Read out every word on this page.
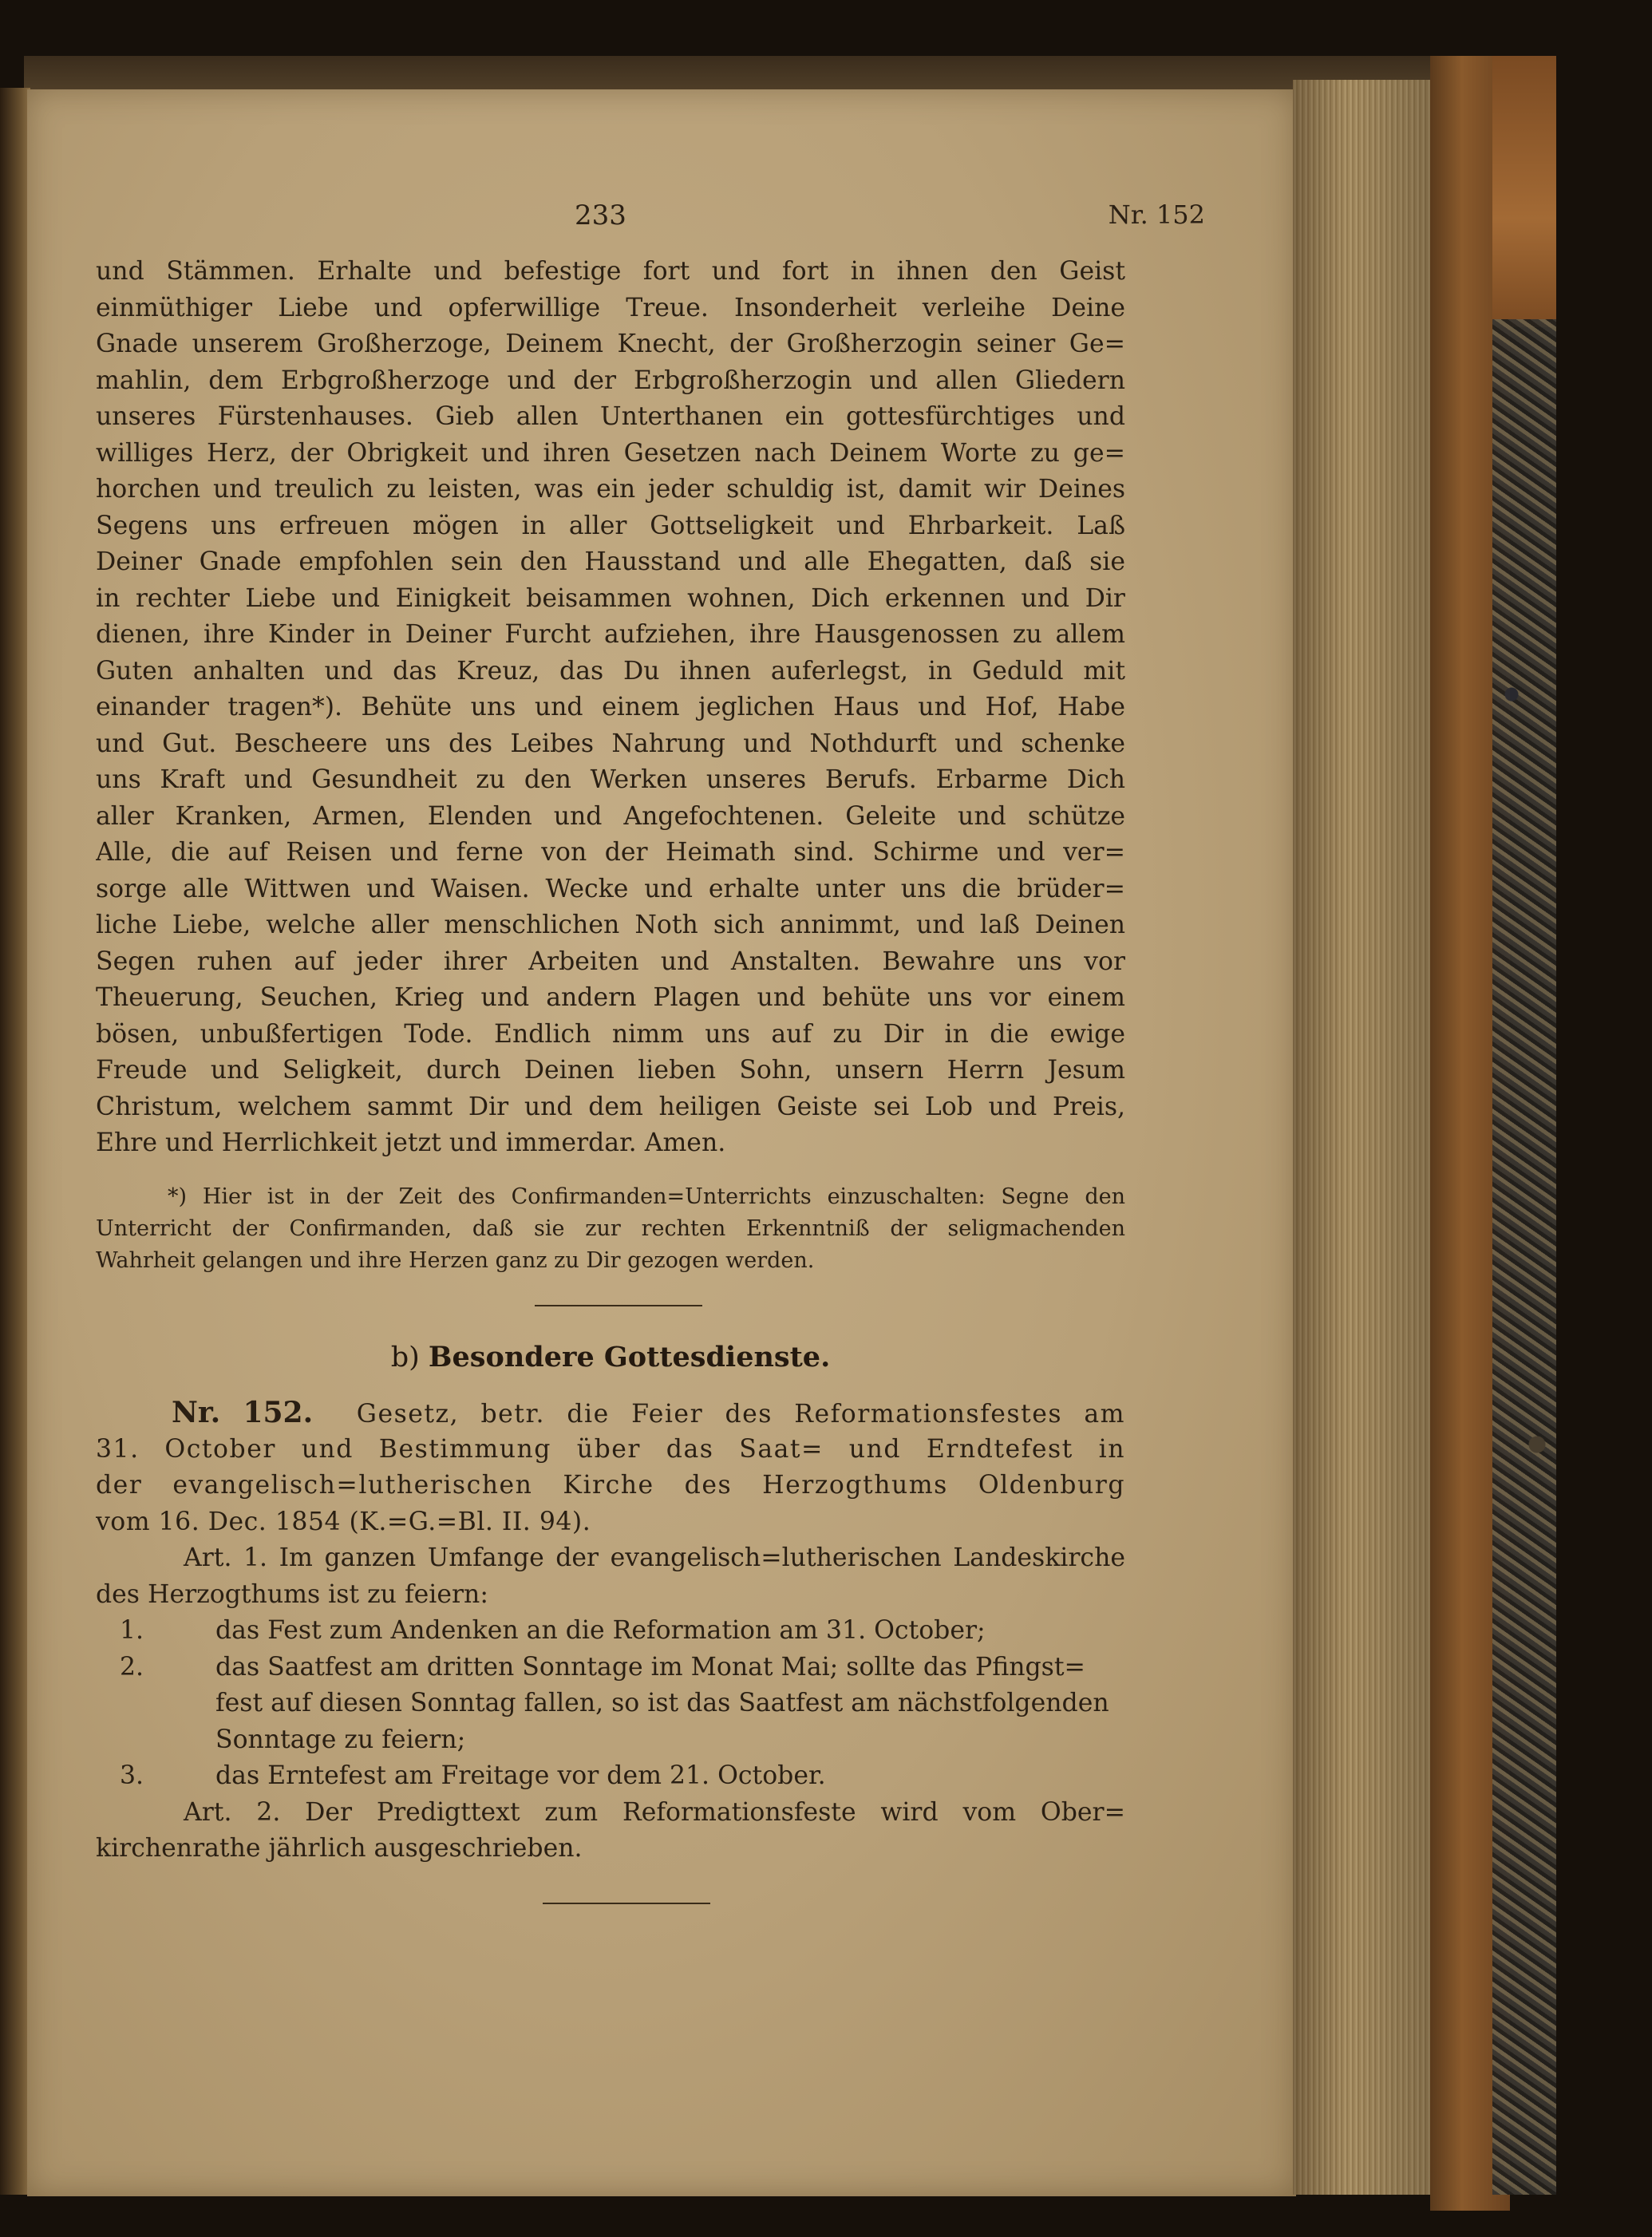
233	Nr. 152
und Stämmen. Erhalte und befestige fort und fort in ihnen den Geist
einmüthiger Liebe und opferwillige Treue. Insonderheit verleihe Deine
Gnade unserem Großherzoge, Deinem Knecht, der Großherzogin seiner Ge=
mahlin, dem Erbgroßherzoge und der Erbgroßherzogin und allen Gliedern
unseres Fürstenhauses. Gieb allen Unterthanen ein gottesfürchtiges und
williges Herz, der Obrigkeit und ihren Gesetzen nach Deinem Worte zu ge=
horchen und treulich zu leisten, was ein jeder schuldig ist, damit wir Deines
Segens uns erfreuen mögen in aller Gottseligkeit und Ehrbarkeit. Laß
Deiner Gnade empfohlen sein den Hausstand und alle Ehegatten, daß sie
in rechter Liebe und Einigkeit beisammen wohnen, Dich erkennen und Dir
dienen, ihre Kinder in Deiner Furcht aufziehen, ihre Hausgenossen zu allem
Guten anhalten und das Kreuz, das Du ihnen auferlegst, in Geduld mit
einander tragen*). Behüte uns und einem jeglichen Haus und Hof, Habe
und Gut. Bescheere uns des Leibes Nahrung und Nothdurft und schenke
uns Kraft und Gesundheit zu den Werken unseres Berufs. Erbarme Dich
aller Kranken, Armen, Elenden und Angefochtenen. Geleite und schütze
Alle, die auf Reisen und ferne von der Heimath sind. Schirme und ver=
sorge alle Wittwen und Waisen. Wecke und erhalte unter uns die brüder=
liche Liebe, welche aller menschlichen Noth sich annimmt, und laß Deinen
Segen ruhen auf jeder ihrer Arbeiten und Anstalten. Bewahre uns vor
Theuerung, Seuchen, Krieg und andern Plagen und behüte uns vor einem
bösen, unbußfertigen Tode. Endlich nimm uns auf zu Dir in die ewige
Freude und Seligkeit, durch Deinen lieben Sohn, unsern Herrn Jesum
Christum, welchem sammt Dir und dem heiligen Geiste sei Lob und Preis,
Ehre und Herrlichkeit jetzt und immerdar. Amen.
*) Hier ist in der Zeit des Confirmanden=Unterrichts einzuschalten: Segne den
Unterricht der Confirmanden, daß sie zur rechten Erkenntniß der seligmachenden
Wahrheit gelangen und ihre Herzen ganz zu Dir gezogen werden.
b) Besondere Gottesdienste.
Nr. 152. Gesetz, betr. die Feier des Reformationsfestes am
31. October und Bestimmung über das Saat= und Erndtefest in
der evangelisch=lutherischen Kirche des Herzogthums Oldenburg
vom 16. Dec. 1854 (K.=G.=Bl. II. 94).
Art. 1. Im ganzen Umfange der evangelisch=lutherischen Landeskirche
des Herzogthums ist zu feiern:
1.	das Fest zum Andenken an die Reformation am 31. October;
2.	das Saatfest am dritten Sonntage im Monat Mai; sollte das Pfingst=
fest auf diesen Sonntag fallen, so ist das Saatfest am nächstfolgenden
Sonntage zu feiern;
3.	das Erntefest am Freitage vor dem 21. October.
Art. 2. Der Predigttext zum Reformationsfeste wird vom Ober=
kirchenrathe jährlich ausgeschrieben.
